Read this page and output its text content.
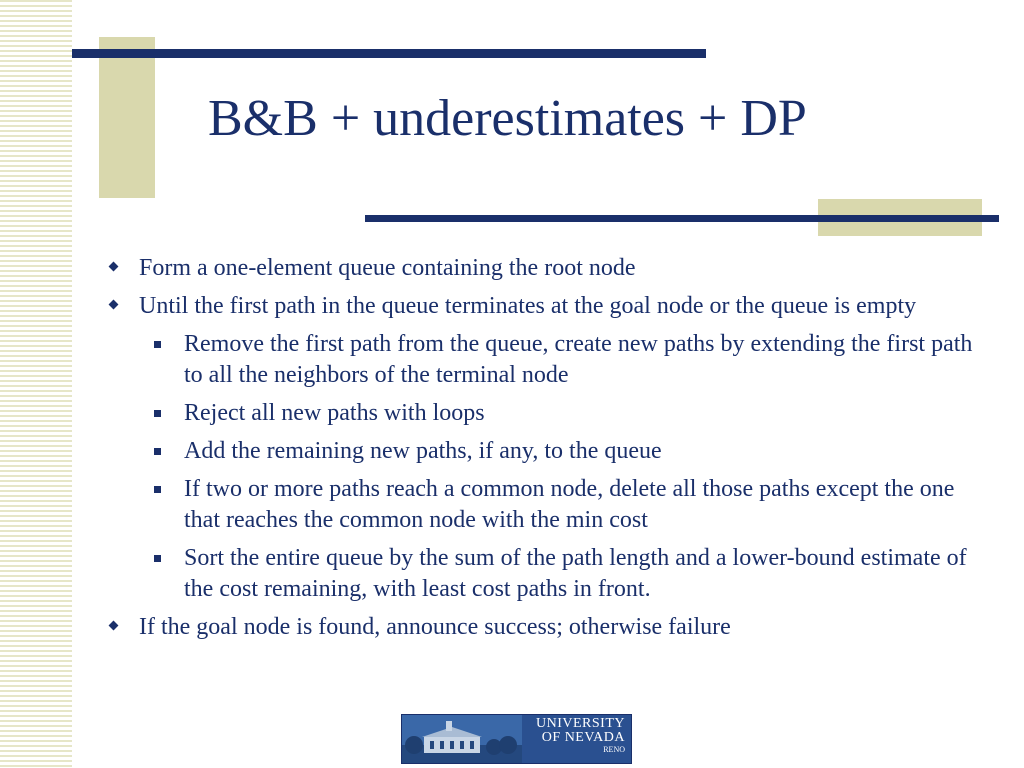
B&B + underestimates + DP
Form a one-element queue containing the root node
Until the first path in the queue terminates at the goal node or the queue is empty
Remove the first path from the queue, create new paths by extending the first path to all the neighbors of the terminal node
Reject all new paths with loops
Add the remaining new paths, if any, to the queue
If two or more paths reach a common node, delete all those paths except the one that reaches the common node with the min cost
Sort the entire queue by the sum of the path length and a lower-bound estimate of the cost remaining, with least cost paths in front.
If the goal node is found, announce success; otherwise failure
UNIVERSITY
OF NEVADA
RENO
